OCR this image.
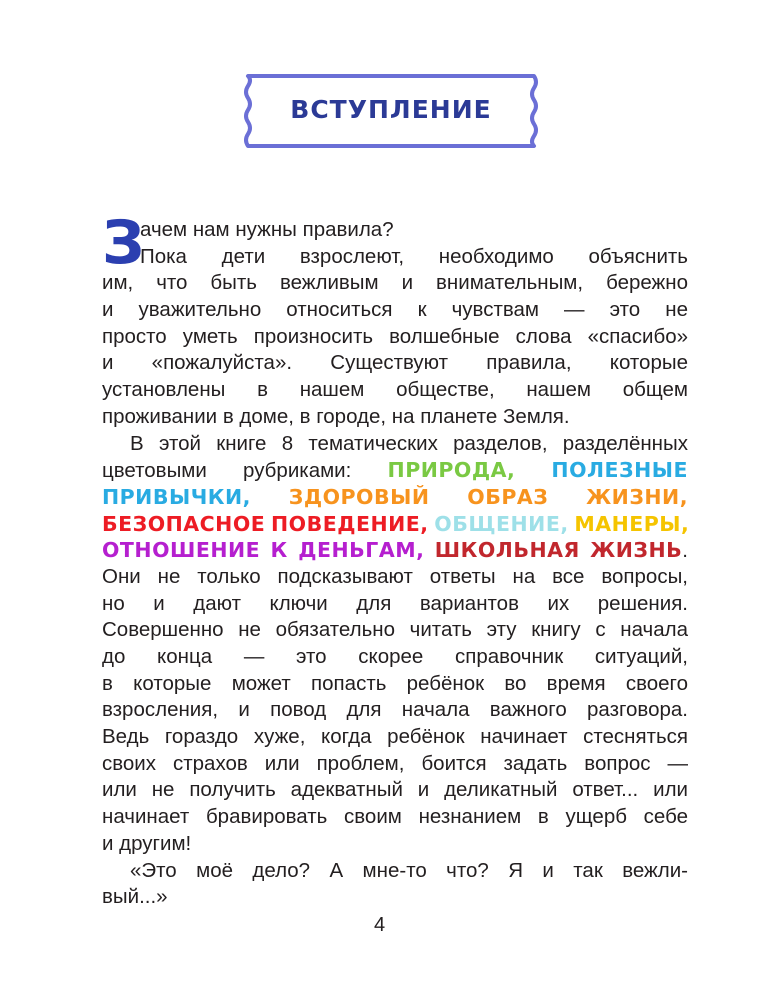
ВСТУПЛЕНИЕ
З
ачем нам нужны правила?
Пока дети взрослеют, необходимо объяснить
им, что быть вежливым и внимательным, бережно
и уважительно относиться к чувствам — это не
просто уметь произносить волшебные слова «спасибо»
и «пожалуйста». Существуют правила, которые
установлены в нашем обществе, нашем общем
проживании в доме, в городе, на планете Земля.
В этой книге 8 тематических разделов, разделённых
цветовыми рубриками: ПРИРОДА, ПОЛЕЗНЫЕ
ПРИВЫЧКИ, ЗДОРОВЫЙ ОБРАЗ ЖИЗНИ,
БЕЗОПАСНОЕ ПОВЕДЕНИЕ, ОБЩЕНИЕ, МАНЕРЫ,
ОТНОШЕНИЕ К ДЕНЬГАМ, ШКОЛЬНАЯ ЖИЗНЬ.
Они не только подсказывают ответы на все вопросы,
но и дают ключи для вариантов их решения.
Совершенно не обязательно читать эту книгу с начала
до конца — это скорее справочник ситуаций,
в которые может попасть ребёнок во время своего
взросления, и повод для начала важного разговора.
Ведь гораздо хуже, когда ребёнок начинает стесняться
своих страхов или проблем, боится задать вопрос —
или не получить адекватный и деликатный ответ... или
начинает бравировать своим незнанием в ущерб себе
и другим!
«Это моё дело? А мне-то что? Я и так вежли-
вый...»
4
